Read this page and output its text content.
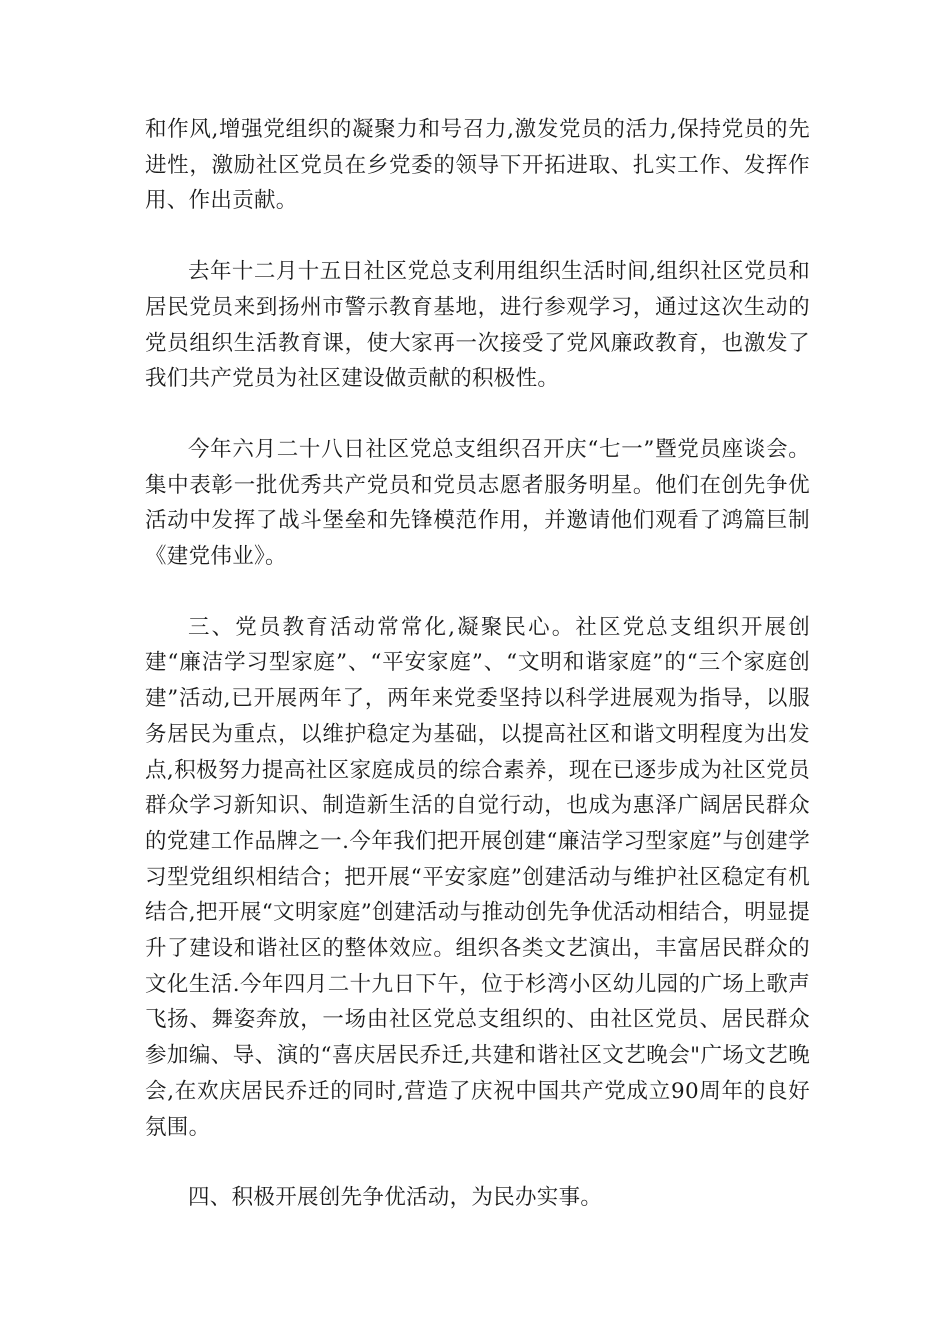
和作风,增强党组织的凝聚力和号召力,激发党员的活力,保持党员的先进性，激励社区党员在乡党委的领导下开拓进取、扎实工作、发挥作用、作出贡献。

去年十二月十五日社区党总支利用组织生活时间,组织社区党员和居民党员来到扬州市警示教育基地，进行参观学习，通过这次生动的党员组织生活教育课，使大家再一次接受了党风廉政教育，也激发了我们共产党员为社区建设做贡献的积极性。

今年六月二十八日社区党总支组织召开庆“七一”暨党员座谈会。集中表彰一批优秀共产党员和党员志愿者服务明星。他们在创先争优活动中发挥了战斗堡垒和先锋模范作用，并邀请他们观看了鸿篇巨制《建党伟业》。

三、党员教育活动常常化,凝聚民心。社区党总支组织开展创建“廉洁学习型家庭”、“平安家庭”、“文明和谐家庭”的“三个家庭创建”活动,已开展两年了，两年来党委坚持以科学进展观为指导，以服务居民为重点，以维护稳定为基础，以提高社区和谐文明程度为出发点,积极努力提高社区家庭成员的综合素养，现在已逐步成为社区党员群众学习新知识、制造新生活的自觉行动，也成为惠泽广阔居民群众的党建工作品牌之一.今年我们把开展创建“廉洁学习型家庭”与创建学习型党组织相结合；把开展“平安家庭”创建活动与维护社区稳定有机结合,把开展“文明家庭”创建活动与推动创先争优活动相结合，明显提升了建设和谐社区的整体效应。组织各类文艺演出，丰富居民群众的文化生活.今年四月二十九日下午，位于杉湾小区幼儿园的广场上歌声飞扬、舞姿奔放，一场由社区党总支组织的、由社区党员、居民群众参加编、导、演的“喜庆居民乔迁,共建和谐社区文艺晚会"广场文艺晚会,在欢庆居民乔迁的同时,营造了庆祝中国共产党成立90周年的良好氛围。

四、积极开展创先争优活动，为民办实事。
